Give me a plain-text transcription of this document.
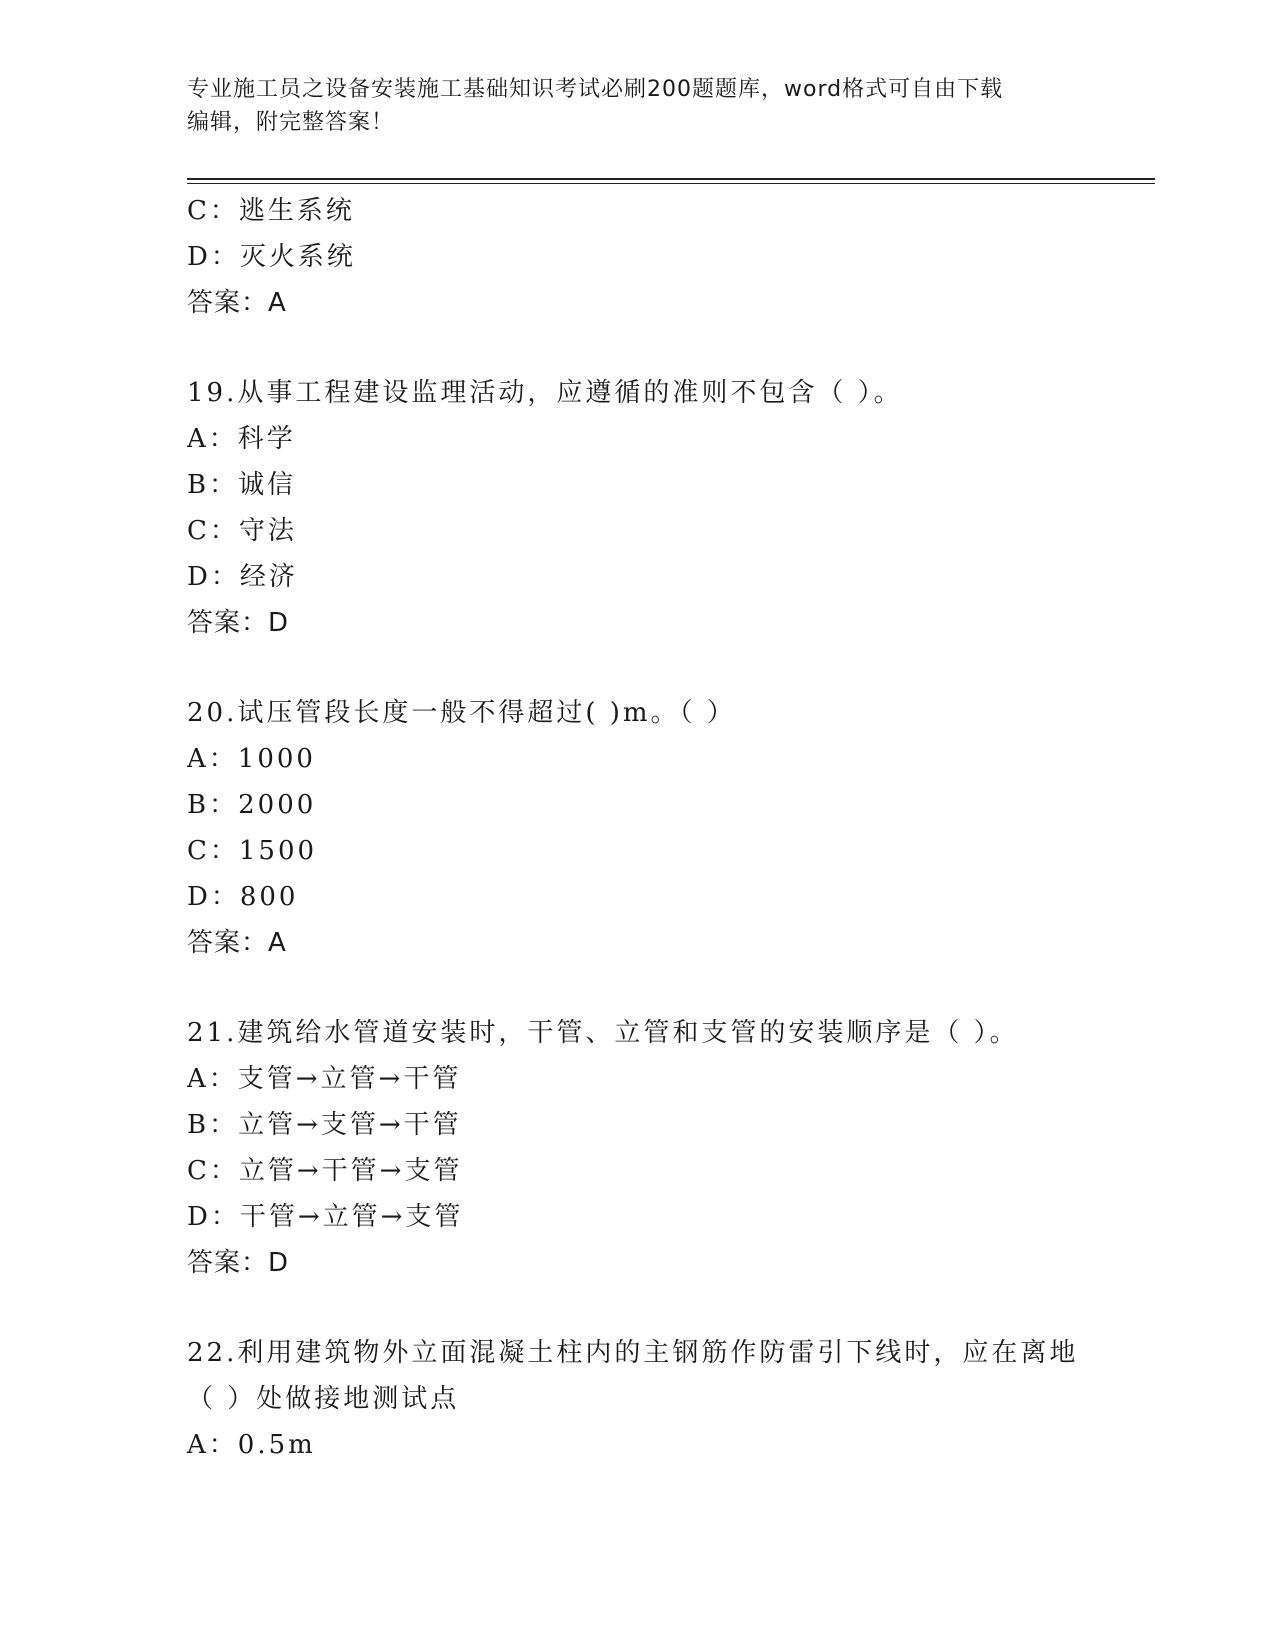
专业施工员之设备安装施工基础知识考试必刷200题题库，word格式可自由下载
编辑，附完整答案！
C：逃生系统
D：灭火系统
答案：A
19.从事工程建设监理活动，应遵循的准则不包含（ ）。
A：科学
B：诚信
C：守法
D：经济
答案：D
20.试压管段长度一般不得超过( )m。（ ）
A：1000
B：2000
C：1500
D：800
答案：A
21.建筑给水管道安装时，干管、立管和支管的安装顺序是（ ）。
A：支管→立管→干管
B：立管→支管→干管
C：立管→干管→支管
D：干管→立管→支管
答案：D
22.利用建筑物外立面混凝土柱内的主钢筋作防雷引下线时，应在离地
（ ）处做接地测试点
A：0.5m
